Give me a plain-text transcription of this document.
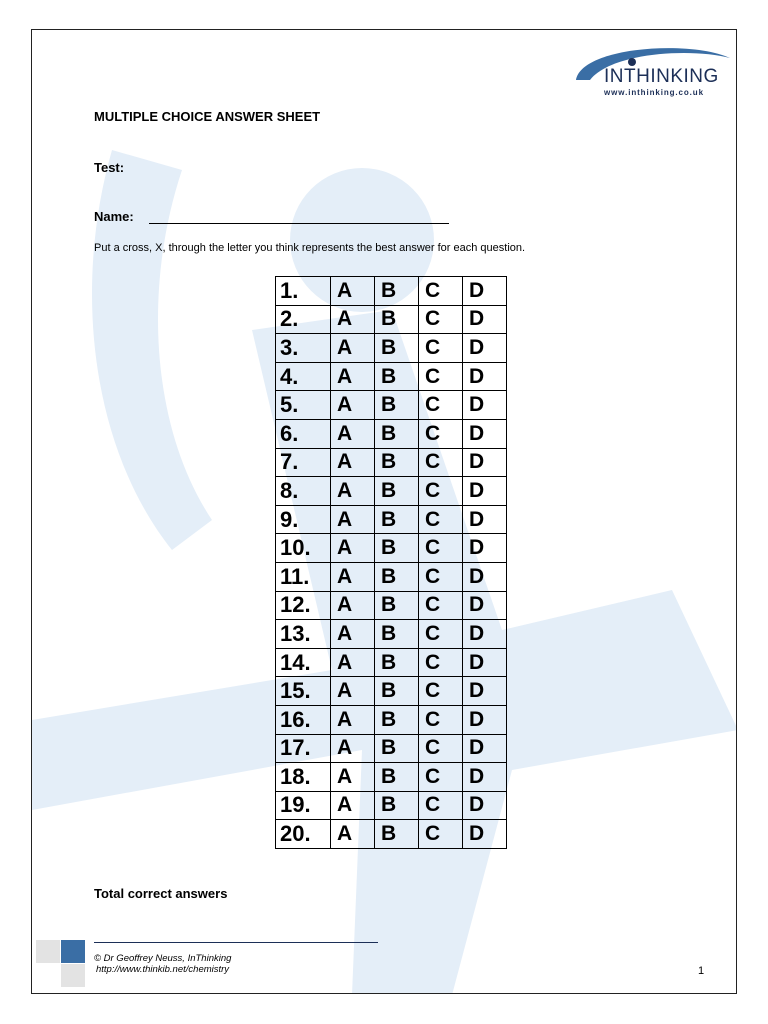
INTHINKING
www.inthinking.co.uk
MULTIPLE CHOICE ANSWER SHEET
Test:
Name:
Put a cross, X, through the letter you think represents the best answer for each question.
1.	A	B	C	D
2.	A	B	C	D
3.	A	B	C	D
4.	A	B	C	D
5.	A	B	C	D
6.	A	B	C	D
7.	A	B	C	D
8.	A	B	C	D
9.	A	B	C	D
10.	A	B	C	D
11.	A	B	C	D
12.	A	B	C	D
13.	A	B	C	D
14.	A	B	C	D
15.	A	B	C	D
16.	A	B	C	D
17.	A	B	C	D
18.	A	B	C	D
19.	A	B	C	D
20.	A	B	C	D
Total correct answers
© Dr Geoffrey Neuss, InThinking
http://www.thinkib.net/chemistry	1
